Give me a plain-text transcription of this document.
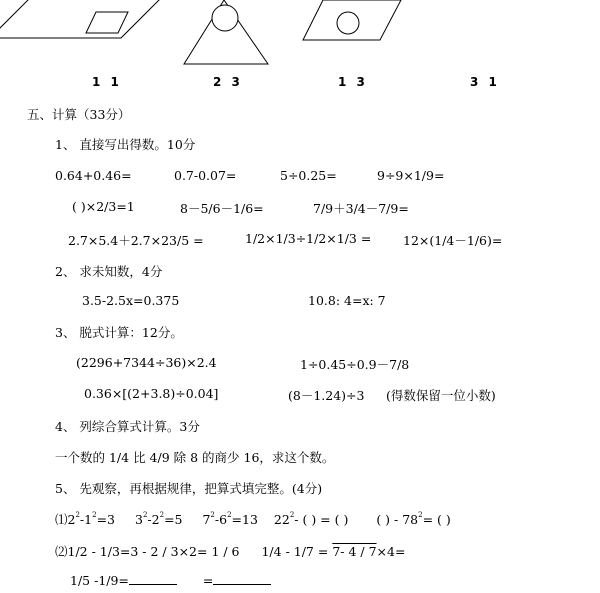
1 1	2 3	1 3	3 1
五、计算（33分）
1、 直接写出得数。10分
0.64+0.46=	0.7-0.07=	5÷0.25=	9÷9×1/9=
( )×2/3=1	8－5/6－1/6=	7/9＋3/4－7/9=
2.7×5.4＋2.7×23/5 =	1/2×1/3÷1/2×1/3 =	12×(1/4－1/6)=
2、 求未知数，4分
3.5-2.5x=0.375	10.8: 4=x: 7
3、 脱式计算：12分。
(2296+7344÷36)×2.4	1÷0.45÷0.9－7/8
0.36×[(2+3.8)÷0.04]	(8－1.24)÷3 (得数保留一位小数)
4、 列综合算式计算。3分
一个数的 1/4 比 4/9 除 8 的商少 16，求这个数。
5、 先观察，再根据规律，把算式填完整。(4分)
$⑴2^2-1^2=3$ $3^2-2^2=5$ $7^2-6^2=13$ $22^2-$ ( ) = ( ) ( ) - $78^2=$ ( )
⑵1/2 - 1/3=3 - 2 / 3×2= 1 / 6 1/4 - 1/7 = 7- 4 / 7×4=
1/5 -1/9=	=
